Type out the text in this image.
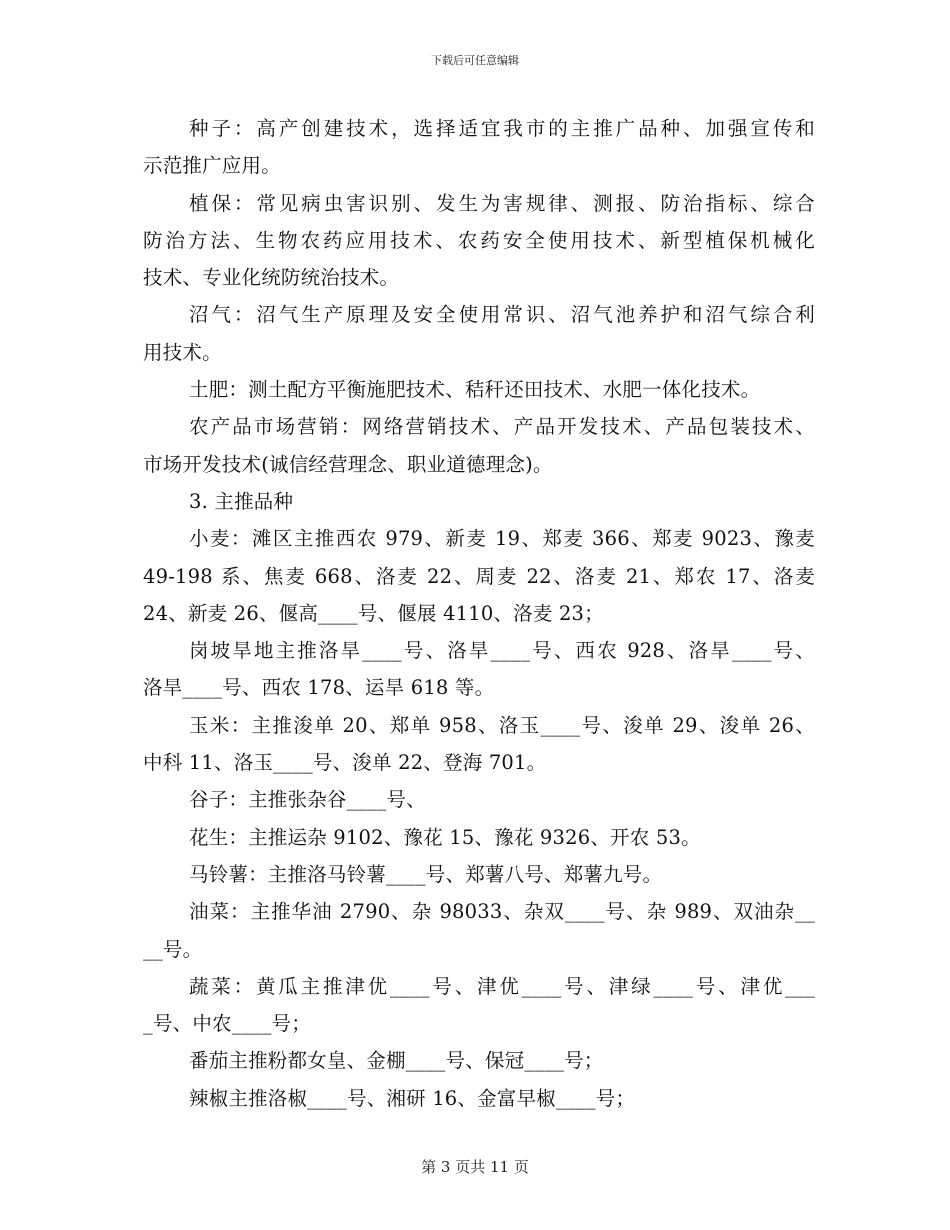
下载后可任意编辑
种子：高产创建技术，选择适宜我市的主推广品种、加强宣传和
示范推广应用。
植保：常见病虫害识别、发生为害规律、测报、防治指标、综合
防治方法、生物农药应用技术、农药安全使用技术、新型植保机械化
技术、专业化统防统治技术。
沼气：沼气生产原理及安全使用常识、沼气池养护和沼气综合利
用技术。
土肥：测土配方平衡施肥技术、秸秆还田技术、水肥一体化技术。
农产品市场营销：网络营销技术、产品开发技术、产品包装技术、
市场开发技术(诚信经营理念、职业道德理念)。
3. 主推品种
小麦：滩区主推西农 979、新麦 19、郑麦 366、郑麦 9023、豫麦
49-198 系、焦麦 668、洛麦 22、周麦 22、洛麦 21、郑农 17、洛麦
24、新麦 26、偃高____号、偃展 4110、洛麦 23；
岗坡旱地主推洛旱____号、洛旱____号、西农 928、洛旱____号、
洛旱____号、西农 178、运旱 618 等。
玉米：主推浚单 20、郑单 958、洛玉____号、浚单 29、浚单 26、
中科 11、洛玉____号、浚单 22、登海 701。
谷子：主推张杂谷____号、
花生：主推运杂 9102、豫花 15、豫花 9326、开农 53。
马铃薯：主推洛马铃薯____号、郑薯八号、郑薯九号。
油菜：主推华油 2790、杂 98033、杂双____号、杂 989、双油杂__
__号。
蔬菜：黄瓜主推津优____号、津优____号、津绿____号、津优___
_号、中农____号；
番茄主推粉都女皇、金棚____号、保冠____号；
辣椒主推洛椒____号、湘研 16、金富早椒____号；
第 3 页共 11 页
